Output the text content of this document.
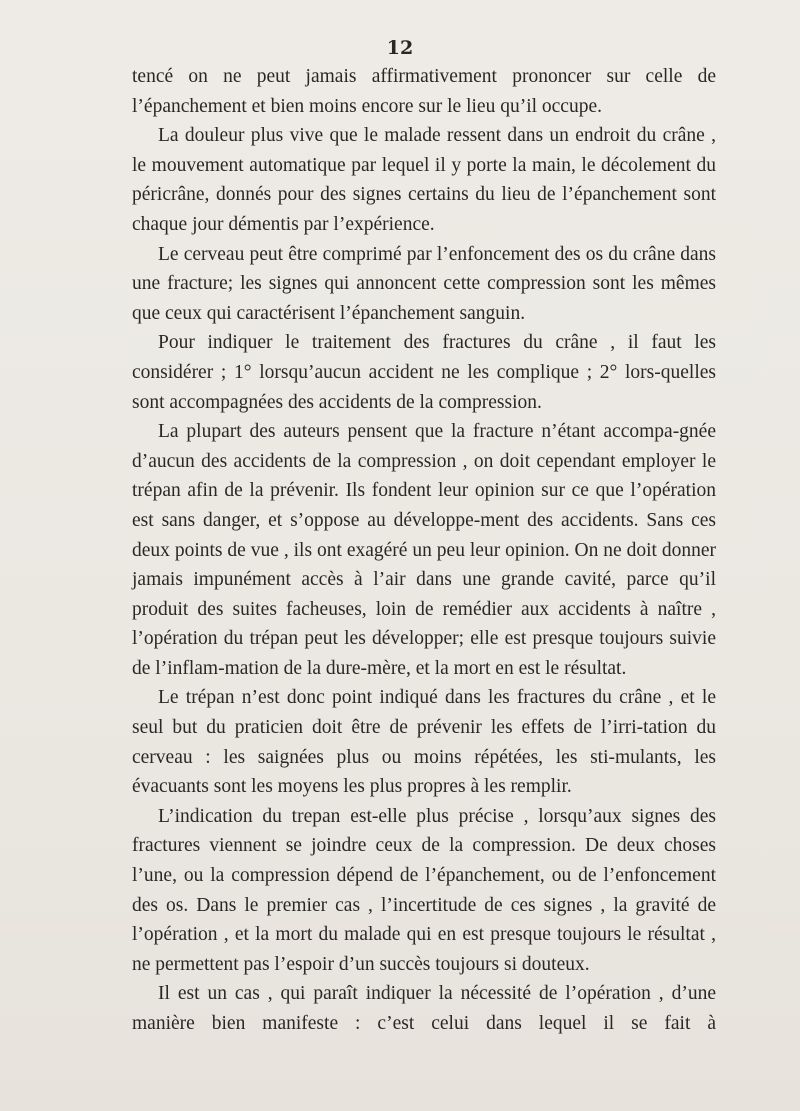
12

tencé on ne peut jamais affirmativement prononcer sur celle de l’épanchement et bien moins encore sur le lieu qu’il occupe.

La douleur plus vive que le malade ressent dans un endroit du crâne , le mouvement automatique par lequel il y porte la main, le décolement du péricrâne, donnés pour des signes certains du lieu de l’épanchement sont chaque jour démentis par l’expérience.

Le cerveau peut être comprimé par l’enfoncement des os du crâne dans une fracture; les signes qui annoncent cette compression sont les mêmes que ceux qui caractérisent l’épanchement sanguin.

Pour indiquer le traitement des fractures du crâne , il faut les considérer ; 1° lorsqu’aucun accident ne les complique ; 2° lors-quelles sont accompagnées des accidents de la compression.

La plupart des auteurs pensent que la fracture n’étant accompa-gnée d’aucun des accidents de la compression , on doit cependant employer le trépan afin de la prévenir. Ils fondent leur opinion sur ce que l’opération est sans danger, et s’oppose au développe-ment des accidents. Sans ces deux points de vue , ils ont exagéré un peu leur opinion. On ne doit donner jamais impunément accès à l’air dans une grande cavité, parce qu’il produit des suites facheuses, loin de remédier aux accidents à naître , l’opération du trépan peut les développer; elle est presque toujours suivie de l’inflam-mation de la dure-mère, et la mort en est le résultat.

Le trépan n’est donc point indiqué dans les fractures du crâne , et le seul but du praticien doit être de prévenir les effets de l’irri-tation du cerveau : les saignées plus ou moins répétées, les sti-mulants, les évacuants sont les moyens les plus propres à les remplir.

L’indication du trepan est-elle plus précise , lorsqu’aux signes des fractures viennent se joindre ceux de la compression. De deux choses l’une, ou la compression dépend de l’épanchement, ou de l’enfoncement des os. Dans le premier cas , l’incertitude de ces signes , la gravité de l’opération , et la mort du malade qui en est presque toujours le résultat , ne permettent pas l’espoir d’un succès toujours si douteux.

Il est un cas , qui paraît indiquer la nécessité de l’opération , d’une manière bien manifeste : c’est celui dans lequel il se fait à
